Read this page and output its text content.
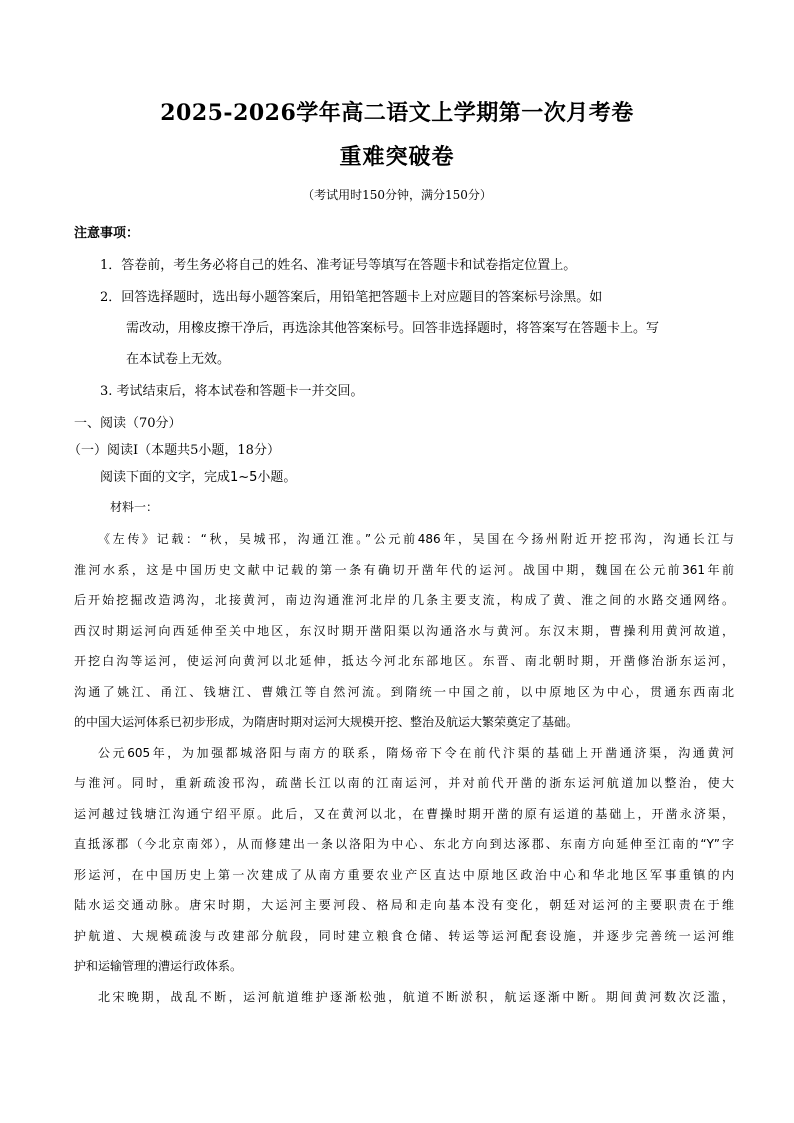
2025-2026学年高二语文上学期第一次月考卷
重难突破卷
（考试用时150分钟，满分150分）
注意事项：
1．答卷前，考生务必将自己的姓名、准考证号等填写在答题卡和试卷指定位置上。
2．回答选择题时，选出每小题答案后，用铅笔把答题卡上对应题目的答案标号涂黑。如
需改动，用橡皮擦干净后，再选涂其他答案标号。回答非选择题时，将答案写在答题卡上。写
在本试卷上无效。
3. 考试结束后，将本试卷和答题卡一并交回。
一、阅读（70分）
（一）阅读Ⅰ（本题共5小题，18分）
阅读下面的文字，完成1~5小题。
材料一：

《左传》记载：“秋，吴城邗，沟通江淮。”公元前486年，吴国在今扬州附近开挖邗沟，沟通长江与

淮河水系，这是中国历史文献中记载的第一条有确切开凿年代的运河。战国中期，魏国在公元前361年前

后开始挖掘改造鸿沟，北接黄河，南边沟通淮河北岸的几条主要支流，构成了黄、淮之间的水路交通网络。

西汉时期运河向西延伸至关中地区，东汉时期开凿阳渠以沟通洛水与黄河。东汉末期，曹操利用黄河故道，

开挖白沟等运河，使运河向黄河以北延伸，抵达今河北东部地区。东晋、南北朝时期，开凿修治浙东运河，

沟通了姚江、甬江、钱塘江、曹娥江等自然河流。到隋统一中国之前，以中原地区为中心，贯通东西南北

的中国大运河体系已初步形成，为隋唐时期对运河大规模开挖、整治及航运大繁荣奠定了基础。

公元605年，为加强都城洛阳与南方的联系，隋炀帝下令在前代汴渠的基础上开凿通济渠，沟通黄河

与淮河。同时，重新疏浚邗沟，疏凿长江以南的江南运河，并对前代开凿的浙东运河航道加以整治，使大

运河越过钱塘江沟通宁绍平原。此后，又在黄河以北，在曹操时期开凿的原有运道的基础上，开凿永济渠，

直抵涿郡（今北京南郊），从而修建出一条以洛阳为中心、东北方向到达涿郡、东南方向延伸至江南的“Y”字

形运河，在中国历史上第一次建成了从南方重要农业产区直达中原地区政治中心和华北地区军事重镇的内

陆水运交通动脉。唐宋时期，大运河主要河段、格局和走向基本没有变化，朝廷对运河的主要职责在于维

护航道、大规模疏浚与改建部分航段，同时建立粮食仓储、转运等运河配套设施，并逐步完善统一运河维

护和运输管理的漕运行政体系。

北宋晚期，战乱不断，运河航道维护逐渐松弛，航道不断淤积，航运逐渐中断。期间黄河数次泛滥，
